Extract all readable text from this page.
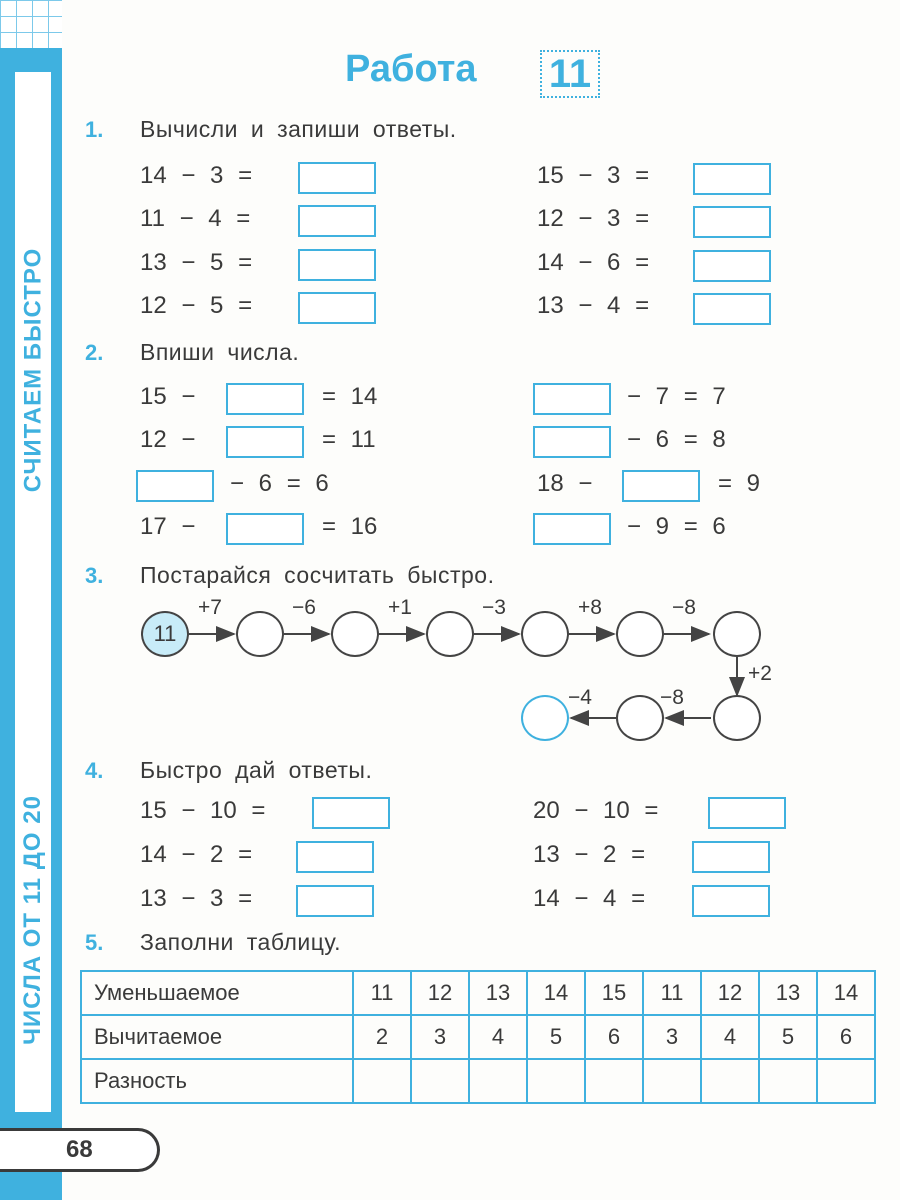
СЧИТАЕМ БЫСТРО
ЧИСЛА ОТ 11 ДО 20
68
Работа 11
1. Вычисли и запиши ответы.
2. Впиши числа.
3. Постарайся сосчитать быстро.
4. Быстро дай ответы.
5. Заполни таблицу.
14 − 3 =	15 − 3 =
11 − 4 =	12 − 3 =
13 − 5 =	14 − 6 =
12 − 5 =	13 − 4 =
15 −	= 14
12 −	= 11
− 6 = 6
17 −	= 16
− 7 = 7
− 6 = 8
18 −	= 9
− 9 = 6
11
+7	−6	+1	−3	+8	−8
+2
−8
−4
15 − 10 =	20 − 10 =
14 − 2 =	13 − 2 =
13 − 3 =	14 − 4 =
Уменьшаемое	11	12	13	14	15	11	12	13	14
Вычитаемое	2	3	4	5	6	3	4	5	6
Разность									
